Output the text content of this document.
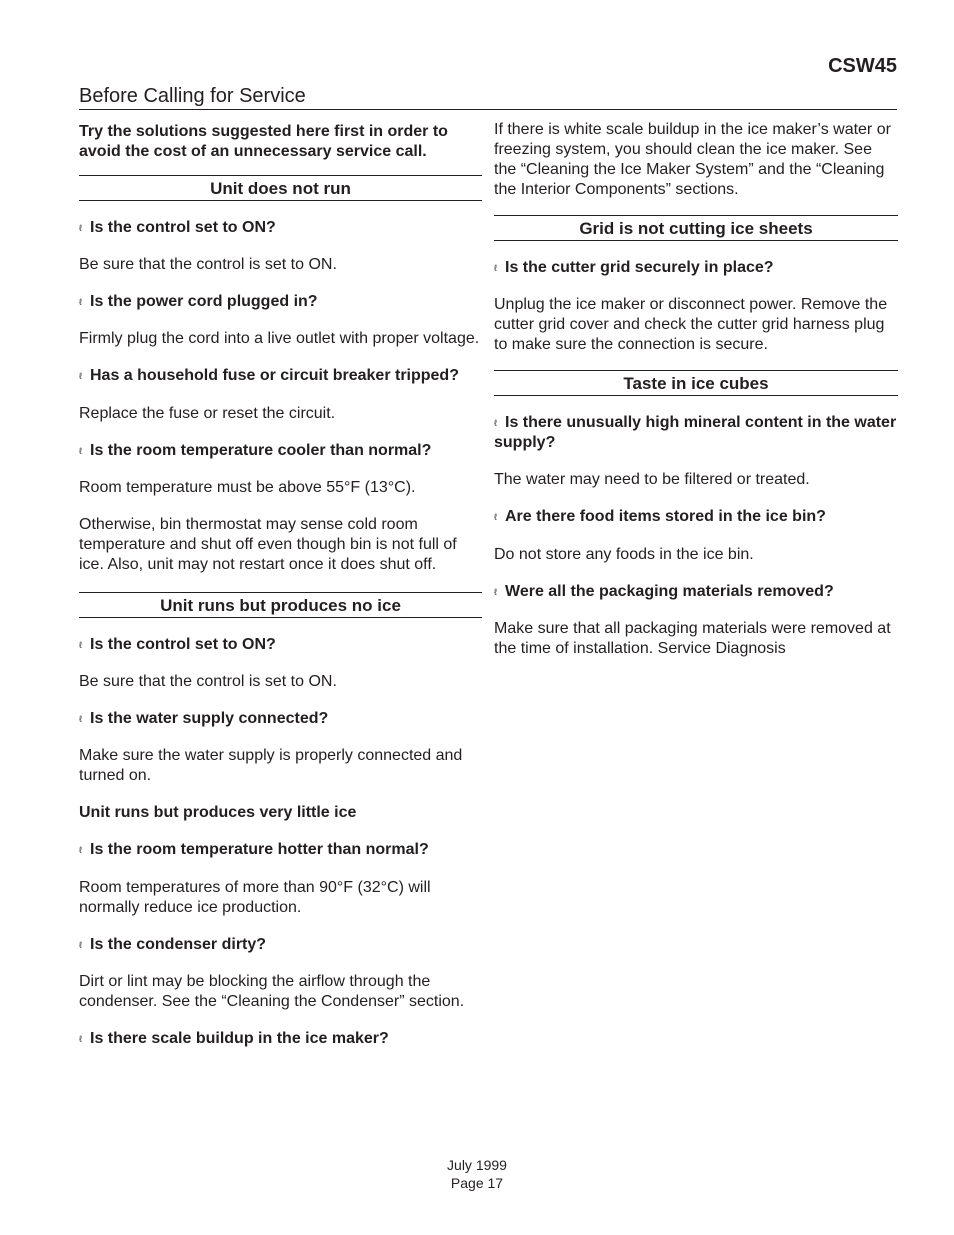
CSW45
Before Calling for Service

Try the solutions suggested here first in order to avoid the cost of an unnecessary service call.

Unit does not run

ℓ Is the control set to ON?

Be sure that the control is set to ON.

ℓ Is the power cord plugged in?

Firmly plug the cord into a live outlet with proper voltage.

ℓ Has a household fuse or circuit breaker tripped?

Replace the fuse or reset the circuit.

ℓ Is the room temperature cooler than normal?

Room temperature must be above 55°F (13°C).

Otherwise, bin thermostat may sense cold room temperature and shut off even though bin is not full of ice. Also, unit may not restart once it does shut off.

Unit runs but produces no ice

ℓ Is the control set to ON?

Be sure that the control is set to ON.

ℓ Is the water supply connected?

Make sure the water supply is properly connected and turned on.

Unit runs but produces very little ice

ℓ Is the room temperature hotter than normal?

Room temperatures of more than 90°F (32°C) will normally reduce ice production.

ℓ Is the condenser dirty?

Dirt or lint may be blocking the airflow through the condenser. See the “Cleaning the Condenser” section.

ℓ Is there scale buildup in the ice maker?

If there is white scale buildup in the ice maker’s water or freezing system, you should clean the ice maker. See the “Cleaning the Ice Maker System” and the “Cleaning the Interior Components” sections.

Grid is not cutting ice sheets

ℓ Is the cutter grid securely in place?

Unplug the ice maker or disconnect power. Remove the cutter grid cover and check the cutter grid harness plug to make sure the connection is secure.

Taste in ice cubes

ℓ Is there unusually high mineral content in the water supply?

The water may need to be filtered or treated.

ℓ Are there food items stored in the ice bin?

Do not store any foods in the ice bin.

ℓ Were all the packaging materials removed?

Make sure that all packaging materials were removed at the time of installation. Service Diagnosis

July 1999
Page 17
